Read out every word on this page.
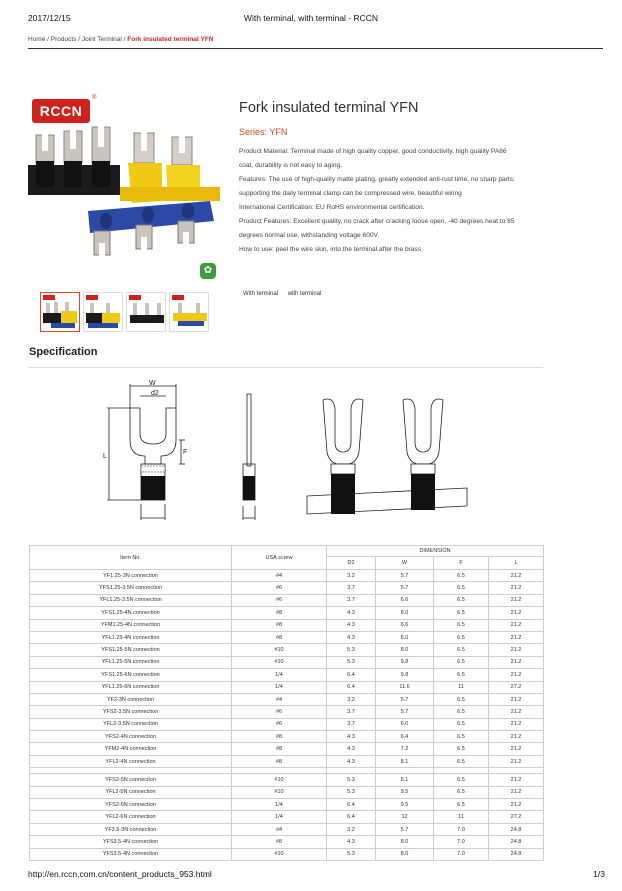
2017/12/15	With terminal, with terminal - RCCN
Home / Products / Joint Terminal / Fork insulated terminal YFN
RCCN
®
✿
Fork insulated terminal YFN
Series: YFN
Product Material: Terminal made of high quality copper, good conductivity, high quality PA66
coat, durability is not easy to aging.
Features: The use of high-quality matte plating, greatly extended anti-rust time, no sharp parts;
supporting the daily terminal clamp can be compressed wire, beautiful wiring
International Certification: EU RoHS environmental certification.
Product Features: Excellent quality, no crack after cracking loose open, -40 degrees heat to 85
degrees normal use, withstanding voltage 600V.
How to use: peel the wire skin, into the terminal after the brass
With terminal with terminal
Specification
W
d2
L
F
Item No.	USA screw	DIMENSION			
		D2	W	F	L
YF1.25-3N connection	#4	3.2	5.7	6.5	21.2
YFS1.25-3.5N connection	#6	3.7	5.7	6.5	21.2
YFL1.25-3.5N connection	#6	3.7	6.6	6.5	21.2
YFS1.25-4N connection	#8	4.3	8.0	6.5	21.2
YFM1.25-4N connection	#8	4.3	6.6	6.5	21.2
YFL1.25-4N connection	#8	4.3	8.0	6.5	21.2
YFS1.25-5N connection	#10	5.3	8.0	6.5	21.2
YFL1.25-5N connection	#10	5.3	9.8	6.5	21.2
YFS1.25-6N connection	1/4	6.4	9.8	6.5	21.2
YFL1.25-6N connection	1/4	6.4	11.6	11	27.2
YF2-3N connection	#4	3.2	5.7	6.5	21.2
YFS2-3.5N connection	#6	3.7	5.7	6.5	21.2
YFL2-3.5N connection	#6	3.7	6.0	6.5	21.2
YFS2-4N connection	#8	4.3	6.4	6.5	21.2
YFM2-4N connection	#8	4.3	7.2	6.5	21.2
YFL2-4N connection	#8	4.3	8.1	6.5	21.2

YFS2-5N connection	#10	5.3	8.1	6.5	21.2
YFL2-5N connection	#10	5.3	9.5	6.5	21.2
YFS2-6N connection	1/4	6.4	9.5	6.5	21.2
YFL2-6N connection	1/4	6.4	12	11	27.2
YF3.5-3N connection	#4	3.2	5.7	7.0	24.8
YFS3.5-4N connection	#8	4.3	8.0	7.0	24.8
YFS3.5-4N connection	#10	5.3	8.0	7.0	24.8
http://en.rccn.com.cn/content_products_953.html	1/3
